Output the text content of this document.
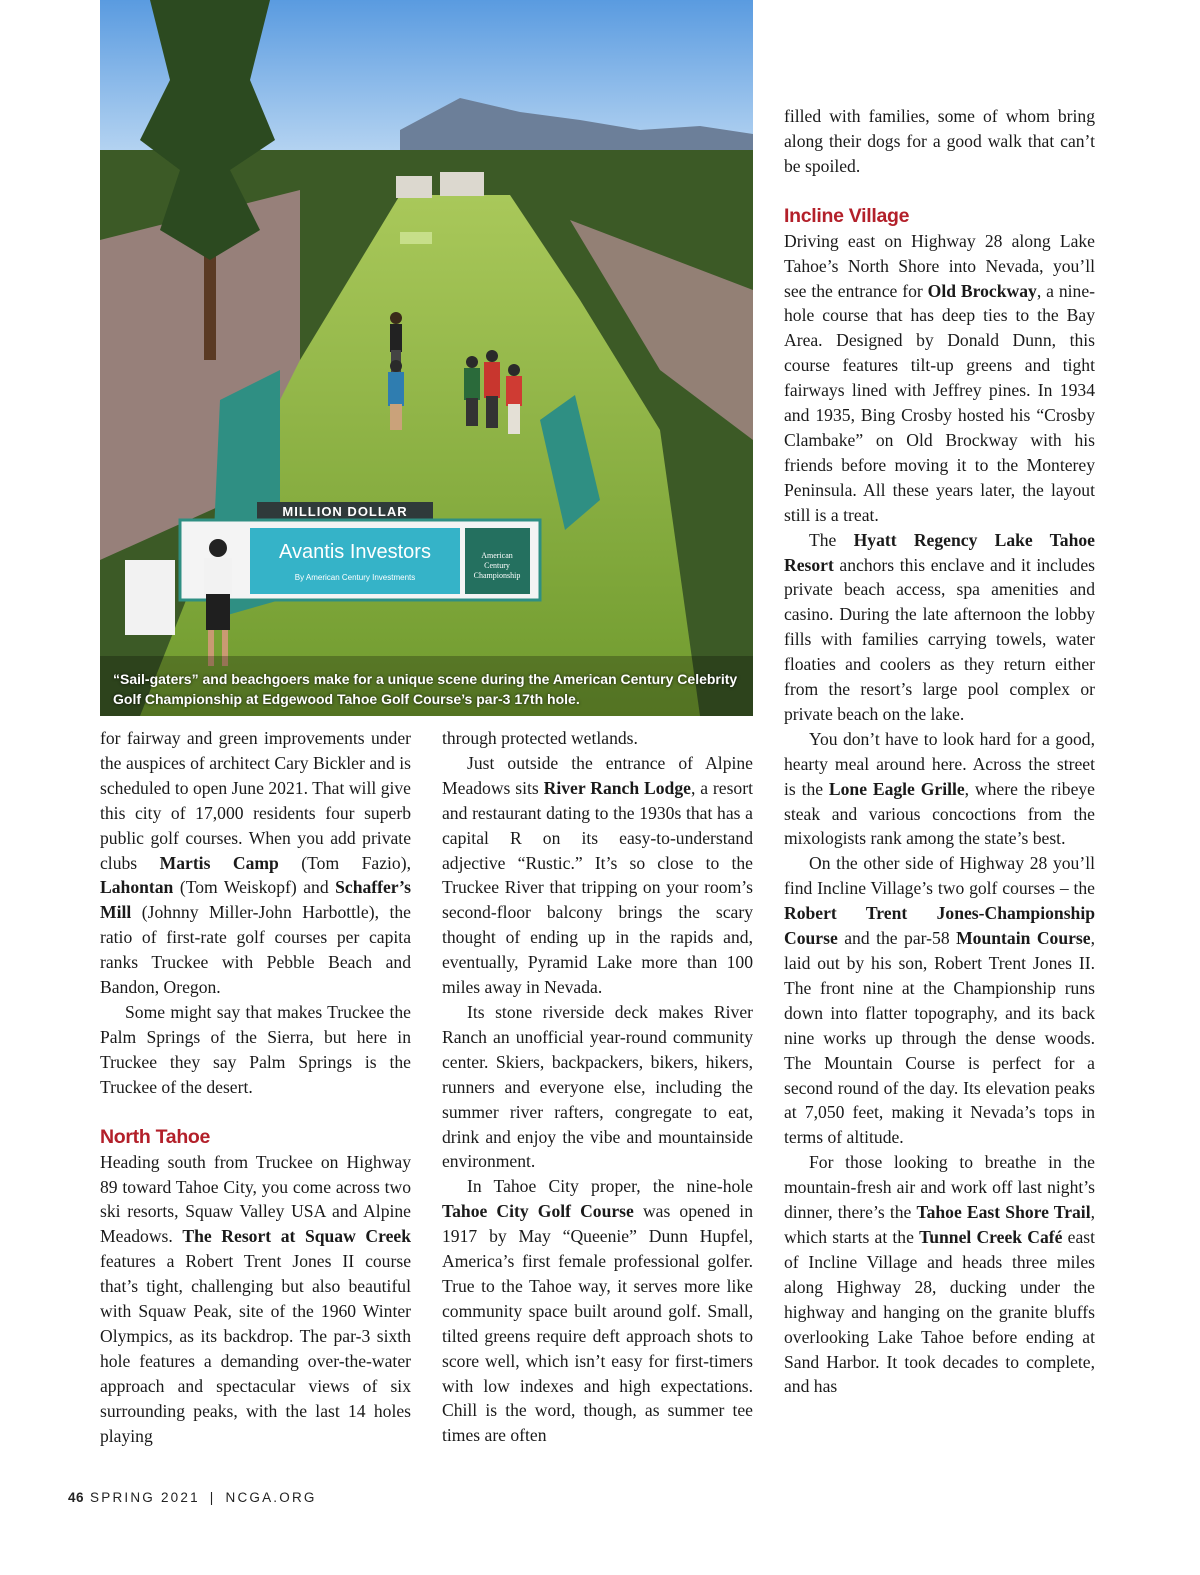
MILLION DOLLAR
Avantis Investors
By American Century Investments
American
Century
Championship
“Sail-gaters” and beachgoers make for a unique scene during the American Century Celebrity Golf Championship at Edgewood Tahoe Golf Course’s par-3 17th hole.

for fairway and green improvements under the auspices of architect Cary Bickler and is scheduled to open June 2021. That will give this city of 17,000 residents four superb public golf courses. When you add private clubs Martis Camp (Tom Fazio), Lahontan (Tom Weiskopf) and Schaffer’s Mill (Johnny Miller-John Harbottle), the ratio of first-rate golf courses per capita ranks Truckee with Pebble Beach and Bandon, Oregon.

Some might say that makes Truckee the Palm Springs of the Sierra, but here in Truckee they say Palm Springs is the Truckee of the desert.

North Tahoe

Heading south from Truckee on Highway 89 toward Tahoe City, you come across two ski resorts, Squaw Valley USA and Alpine Meadows. The Resort at Squaw Creek features a Robert Trent Jones II course that’s tight, challenging but also beautiful with Squaw Peak, site of the 1960 Winter Olympics, as its backdrop. The par-3 sixth hole features a demanding over-the-water approach and spectacular views of six surrounding peaks, with the last 14 holes playing

through protected wetlands.

Just outside the entrance of Alpine Meadows sits River Ranch Lodge, a resort and restaurant dating to the 1930s that has a capital R on its easy-to-understand adjective “Rustic.” It’s so close to the Truckee River that tripping on your room’s second-floor balcony brings the scary thought of ending up in the rapids and, eventually, Pyramid Lake more than 100 miles away in Nevada.

Its stone riverside deck makes River Ranch an unofficial year-round community center. Skiers, backpackers, bikers, hikers, runners and everyone else, including the summer river rafters, congregate to eat, drink and enjoy the vibe and mountainside environment.

In Tahoe City proper, the nine-hole Tahoe City Golf Course was opened in 1917 by May “Queenie” Dunn Hupfel, America’s first female professional golfer. True to the Tahoe way, it serves more like community space built around golf. Small, tilted greens require deft approach shots to score well, which isn’t easy for first-timers with low indexes and high expectations. Chill is the word, though, as summer tee times are often

filled with families, some of whom bring along their dogs for a good walk that can’t be spoiled.

Incline Village

Driving east on Highway 28 along Lake Tahoe’s North Shore into Nevada, you’ll see the entrance for Old Brockway, a nine-hole course that has deep ties to the Bay Area. Designed by Donald Dunn, this course features tilt-up greens and tight fairways lined with Jeffrey pines. In 1934 and 1935, Bing Crosby hosted his “Crosby Clambake” on Old Brockway with his friends before moving it to the Monterey Peninsula. All these years later, the layout still is a treat.

The Hyatt Regency Lake Tahoe Resort anchors this enclave and it includes private beach access, spa amenities and casino. During the late afternoon the lobby fills with families carrying towels, water floaties and coolers as they return either from the resort’s large pool complex or private beach on the lake.

You don’t have to look hard for a good, hearty meal around here. Across the street is the Lone Eagle Grille, where the ribeye steak and various concoctions from the mixologists rank among the state’s best.

On the other side of Highway 28 you’ll find Incline Village’s two golf courses – the Robert Trent Jones-Championship Course and the par-58 Mountain Course, laid out by his son, Robert Trent Jones II. The front nine at the Championship runs down into flatter topography, and its back nine works up through the dense woods. The Mountain Course is perfect for a second round of the day. Its elevation peaks at 7,050 feet, making it Nevada’s tops in terms of altitude.

For those looking to breathe in the mountain-fresh air and work off last night’s dinner, there’s the Tahoe East Shore Trail, which starts at the Tunnel Creek Café east of Incline Village and heads three miles along Highway 28, ducking under the highway and hanging on the granite bluffs overlooking Lake Tahoe before ending at Sand Harbor. It took decades to complete, and has

46 SPRING 2021 | NCGA.ORG
